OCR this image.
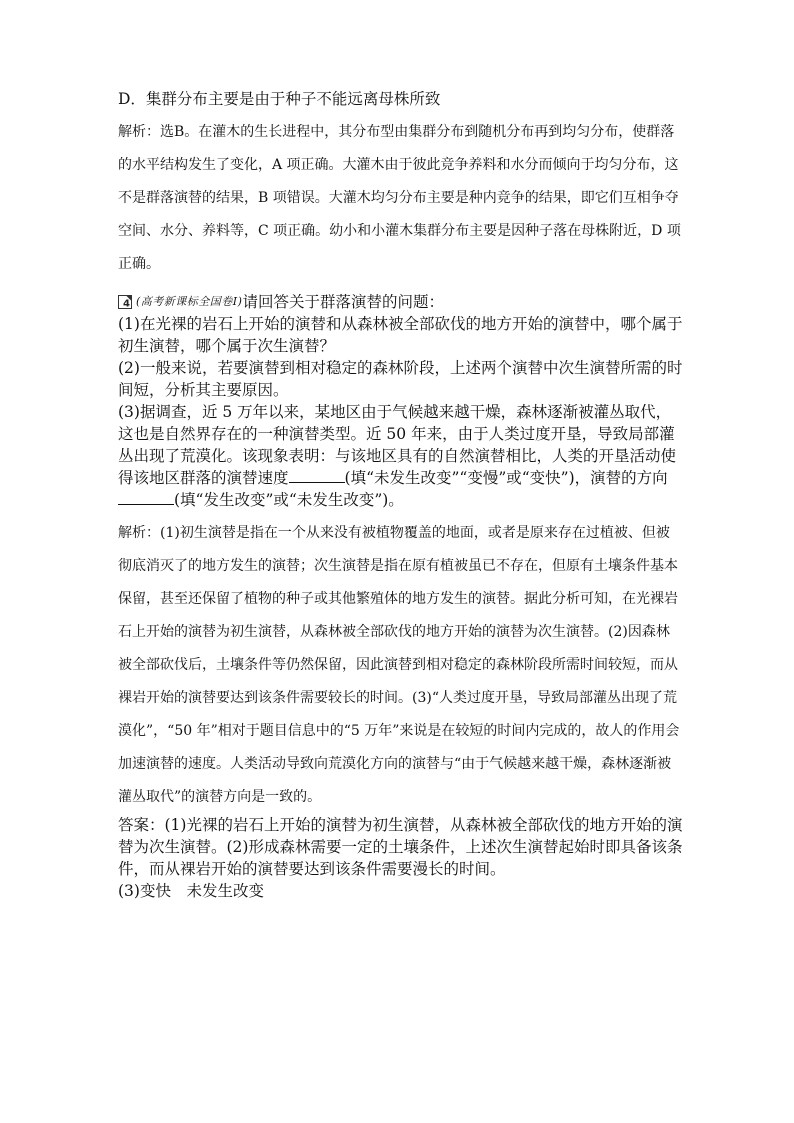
D．集群分布主要是由于种子不能远离母株所致

解析：选B。在灌木的生长进程中，其分布型由集群分布到随机分布再到均匀分布，使群落的水平结构发生了变化，A 项正确。大灌木由于彼此竞争养料和水分而倾向于均匀分布，这不是群落演替的结果，B 项错误。大灌木均匀分布主要是种内竞争的结果，即它们互相争夺空间、水分、养料等，C 项正确。幼小和小灌木集群分布主要是因种子落在母株附近，D 项正确。

4 (高考新课标全国卷Ⅰ) 请回答关于群落演替的问题：

(1)在光裸的岩石上开始的演替和从森林被全部砍伐的地方开始的演替中，哪个属于初生演替，哪个属于次生演替？

(2)一般来说，若要演替到相对稳定的森林阶段，上述两个演替中次生演替所需的时间短，分析其主要原因。

(3)据调查，近 5 万年以来，某地区由于气候越来越干燥，森林逐渐被灌丛取代，这也是自然界存在的一种演替类型。近 50 年来，由于人类过度开垦，导致局部灌丛出现了荒漠化。该现象表明：与该地区具有的自然演替相比，人类的开垦活动使得该地区群落的演替速度	(填“未发生改变”“变慢”或“变快”)，演替的方向(填“发生改变”或“未发生改变”)。

解析：(1)初生演替是指在一个从来没有被植物覆盖的地面，或者是原来存在过植被、但被彻底消灭了的地方发生的演替；次生演替是指在原有植被虽已不存在，但原有土壤条件基本保留，甚至还保留了植物的种子或其他繁殖体的地方发生的演替。据此分析可知，在光裸岩石上开始的演替为初生演替，从森林被全部砍伐的地方开始的演替为次生演替。(2)因森林被全部砍伐后，土壤条件等仍然保留，因此演替到相对稳定的森林阶段所需时间较短，而从裸岩开始的演替要达到该条件需要较长的时间。(3)“人类过度开垦，导致局部灌丛出现了荒漠化”，“50 年”相对于题目信息中的“5 万年”来说是在较短的时间内完成的，故人的作用会加速演替的速度。人类活动导致向荒漠化方向的演替与“由于气候越来越干燥，森林逐渐被灌丛取代”的演替方向是一致的。

答案：(1)光裸的岩石上开始的演替为初生演替，从森林被全部砍伐的地方开始的演替为次生演替。(2)形成森林需要一定的土壤条件，上述次生演替起始时即具备该条件，而从裸岩开始的演替要达到该条件需要漫长的时间。

(3)变快　未发生改变
